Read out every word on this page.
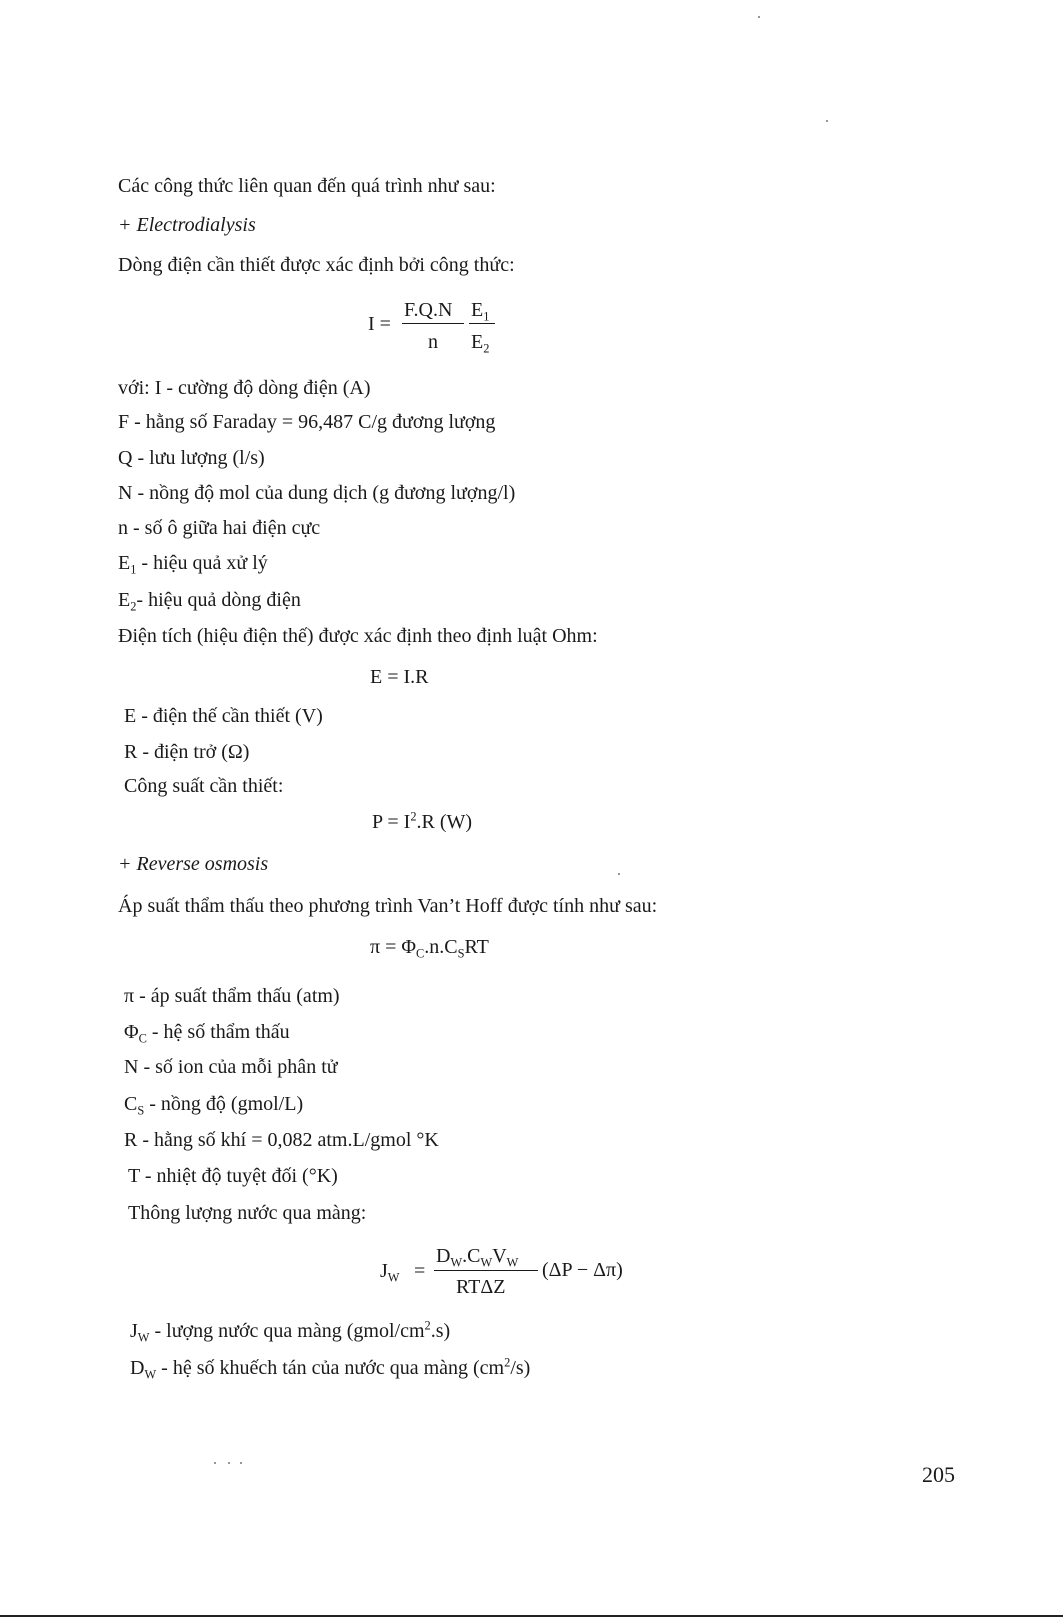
Các công thức liên quan đến quá trình như sau:
+ Electrodialysis
Dòng điện cần thiết được xác định bởi công thức:
I =
F.Q.N
n
$E_1$
$E_2$
với: I - cường độ dòng điện (A)
F - hằng số Faraday = 96,487 C/g đương lượng
Q - lưu lượng (l/s)
N - nồng độ mol của dung dịch (g đương lượng/l)
n - số ô giữa hai điện cực
$E_1$ - hiệu quả xử lý
$E_2-$ hiệu quả dòng điện
Điện tích (hiệu điện thế) được xác định theo định luật Ohm:
E = I.R
E - điện thế cần thiết (V)
R - điện trở (Ω)
Công suất cần thiết:
$P = I^2.R$ (W)
+ Reverse osmosis
Áp suất thẩm thấu theo phương trình Van’t Hoff được tính như sau:
$\pi = \Phi_C.n.C_SRT$
π - áp suất thẩm thấu (atm)
$\Phi_C$ - hệ số thẩm thấu
N - số ion của mỗi phân tử
$C_S$ - nồng độ (gmol/L)
R - hằng số khí = 0,082 atm.L/gmol °K
T - nhiệt độ tuyệt đối (°K)
Thông lượng nước qua màng:
$J_W$ =
$D_W.C_WV_W$
RTΔZ
(ΔP − Δπ)
$J_W$ - lượng nước qua màng $(gmol/cm^2.s)$
$D_W$ - hệ số khuếch tán của nước qua màng $(cm^2/s)$
205
